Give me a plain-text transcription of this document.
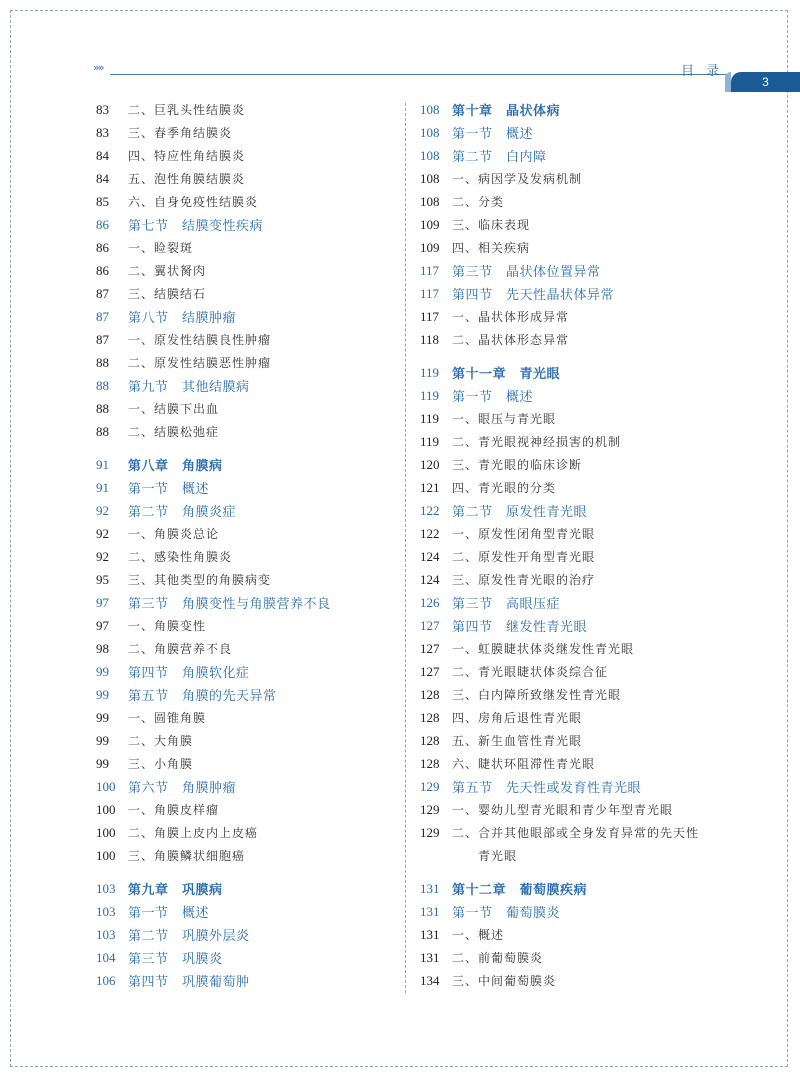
»»	目 录
3
83	二、巨乳头性结膜炎
83	三、春季角结膜炎
84	四、特应性角结膜炎
84	五、泡性角膜结膜炎
85	六、自身免疫性结膜炎
86	第七节　结膜变性疾病
86	一、睑裂斑
86	二、翼状胬肉
87	三、结膜结石
87	第八节　结膜肿瘤
87	一、原发性结膜良性肿瘤
88	二、原发性结膜恶性肿瘤
88	第九节　其他结膜病
88	一、结膜下出血
88	二、结膜松弛症
91	第八章　角膜病
91	第一节　概述
92	第二节　角膜炎症
92	一、角膜炎总论
92	二、感染性角膜炎
95	三、其他类型的角膜病变
97	第三节　角膜变性与角膜营养不良
97	一、角膜变性
98	二、角膜营养不良
99	第四节　角膜软化症
99	第五节　角膜的先天异常
99	一、圆锥角膜
99	二、大角膜
99	三、小角膜
100 第六节　角膜肿瘤
100	一、角膜皮样瘤
100	二、角膜上皮内上皮癌
100	三、角膜鳞状细胞癌
103 第九章　巩膜病
103 第一节　概述
103 第二节　巩膜外层炎
104 第三节　巩膜炎
106 第四节　巩膜葡萄肿
108 第十章　晶状体病
108 第一节　概述
108 第二节　白内障
108	一、病因学及发病机制
108	二、分类
109	三、临床表现
109	四、相关疾病
117 第三节　晶状体位置异常
117 第四节　先天性晶状体异常
117	一、晶状体形成异常
118	二、晶状体形态异常
119 第十一章　青光眼
119 第一节　概述
119	一、眼压与青光眼
119	二、青光眼视神经损害的机制
120	三、青光眼的临床诊断
121	四、青光眼的分类
122 第二节　原发性青光眼
122	一、原发性闭角型青光眼
124	二、原发性开角型青光眼
124	三、原发性青光眼的治疗
126 第三节　高眼压症
127 第四节　继发性青光眼
127	一、虹膜睫状体炎继发性青光眼
127	二、青光眼睫状体炎综合征
128	三、白内障所致继发性青光眼
128	四、房角后退性青光眼
128	五、新生血管性青光眼
128	六、睫状环阻滞性青光眼
129 第五节　先天性或发育性青光眼
129	一、婴幼儿型青光眼和青少年型青光眼
129	二、合并其他眼部或全身发育异常的先天性
青光眼
131 第十二章　葡萄膜疾病
131 第一节　葡萄膜炎
131	一、概述
131	二、前葡萄膜炎
134	三、中间葡萄膜炎
